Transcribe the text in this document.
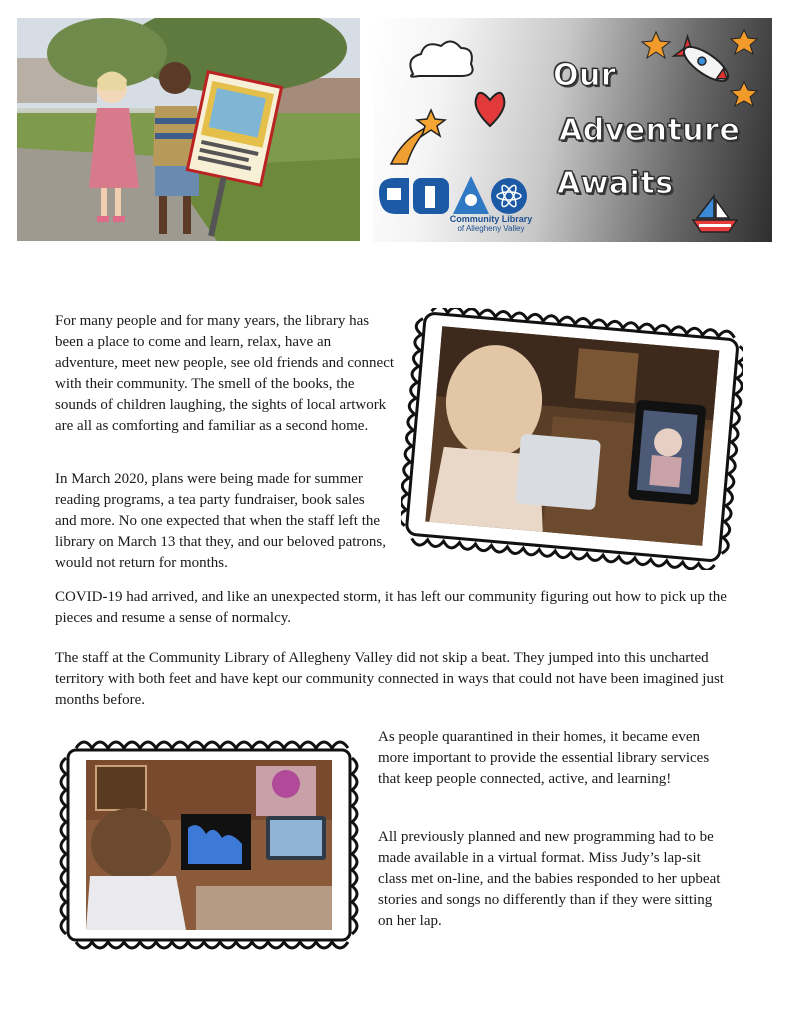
Our
Adventure
Awaits
Community Library
of Allegheny Valley

For many people and for many years, the library has been a place to come and learn, relax, have an adventure, meet new people, see old friends and connect with their community. The smell of the books, the sounds of children laughing, the sights of local artwork are all as comforting and familiar as a second home.

In March 2020, plans were being made for summer reading programs, a tea party fundraiser, book sales and more. No one expected that when the staff left the library on March 13 that they, and our beloved patrons, would not return for months.

COVID-19 had arrived, and like an unexpected storm, it has left our community figuring out how to pick up the pieces and resume a sense of normalcy.

The staff at the Community Library of Allegheny Valley did not skip a beat. They jumped into this uncharted territory with both feet and have kept our community connected in ways that could not have been imagined just months before.

As people quarantined in their homes, it became even more important to provide the essential library services that keep people connected, active, and learning!

All previously planned and new programming had to be made available in a virtual format. Miss Judy’s lap-sit class met on-line, and the babies responded to her upbeat stories and songs no differently than if they were sitting on her lap.
